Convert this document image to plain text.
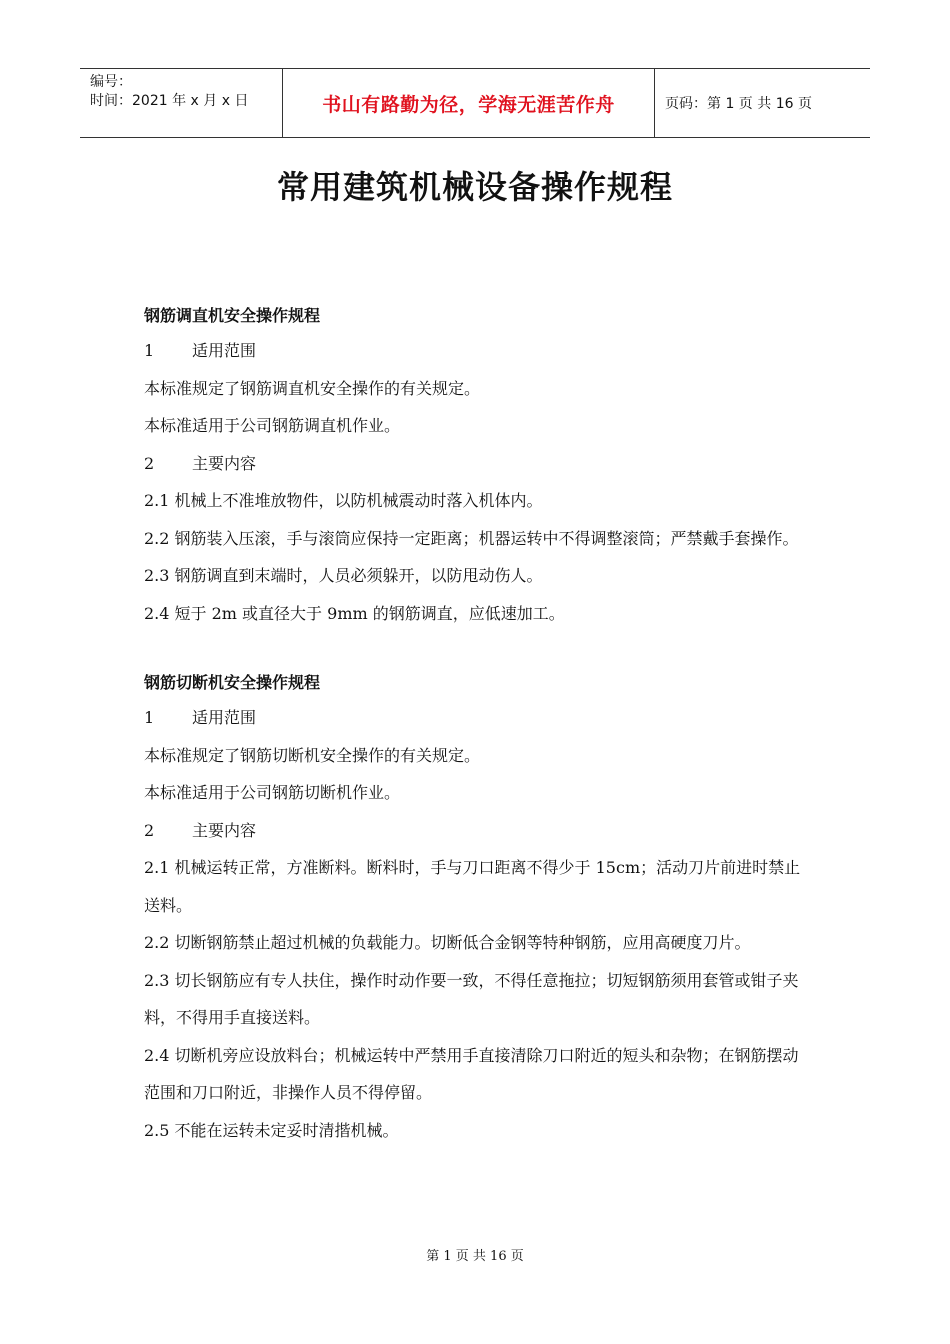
编号：
时间：2021 年 x 月 x 日	书山有路勤为径，学海无涯苦作舟	页码：第 1 页 共 16 页
常用建筑机械设备操作规程
钢筋调直机安全操作规程
1 适用范围
本标准规定了钢筋调直机安全操作的有关规定。
本标准适用于公司钢筋调直机作业。
2 主要内容
2.1 机械上不准堆放物件，以防机械震动时落入机体内。
2.2 钢筋装入压滚，手与滚筒应保持一定距离；机器运转中不得调整滚筒；严禁戴手套操作。
2.3 钢筋调直到末端时，人员必须躲开，以防甩动伤人。
2.4 短于 2m 或直径大于 9mm 的钢筋调直，应低速加工。
钢筋切断机安全操作规程
1 适用范围
本标准规定了钢筋切断机安全操作的有关规定。
本标准适用于公司钢筋切断机作业。
2 主要内容
2.1 机械运转正常，方准断料。断料时，手与刀口距离不得少于 15cm；活动刀片前进时禁止送料。
2.2 切断钢筋禁止超过机械的负载能力。切断低合金钢等特种钢筋，应用高硬度刀片。
2.3 切长钢筋应有专人扶住，操作时动作要一致，不得任意拖拉；切短钢筋须用套管或钳子夹料，不得用手直接送料。
2.4 切断机旁应设放料台；机械运转中严禁用手直接清除刀口附近的短头和杂物；在钢筋摆动范围和刀口附近，非操作人员不得停留。
2.5 不能在运转未定妥时清揩机械。
第 1 页 共 16 页
